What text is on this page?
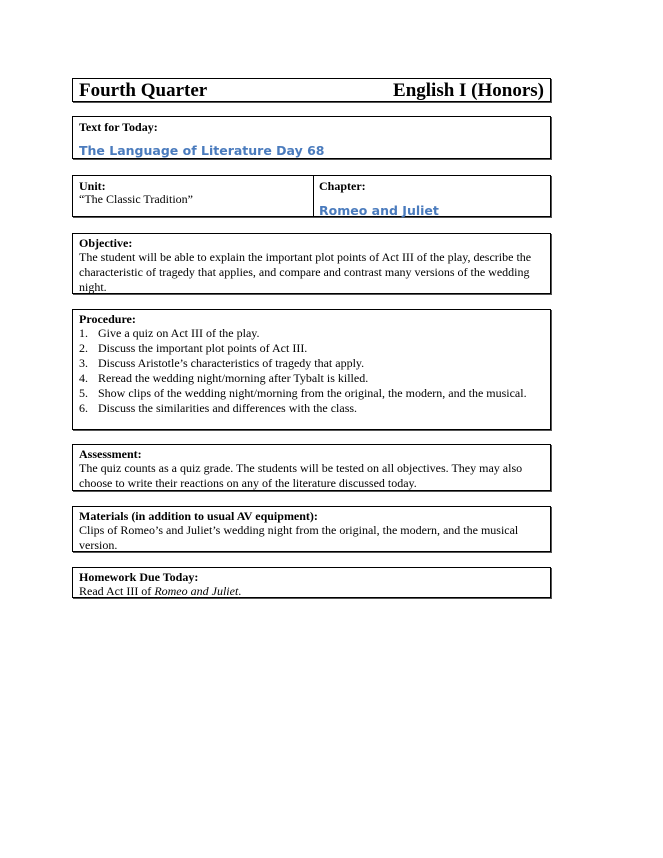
Fourth Quarter	English I (Honors)
Text for Today:
The Language of Literature Day 68
Unit:
“The Classic Tradition”
Chapter:
Romeo and Juliet
Objective:
The student will be able to explain the important plot points of Act III of the play, describe the characteristic of tragedy that applies, and compare and contrast many versions of the wedding night.
Procedure:
1. Give a quiz on Act III of the play.
2. Discuss the important plot points of Act III.
3. Discuss Aristotle’s characteristics of tragedy that apply.
4. Reread the wedding night/morning after Tybalt is killed.
5. Show clips of the wedding night/morning from the original, the modern, and the musical.
6. Discuss the similarities and differences with the class.
Assessment:
The quiz counts as a quiz grade. The students will be tested on all objectives. They may also choose to write their reactions on any of the literature discussed today.
Materials (in addition to usual AV equipment):
Clips of Romeo’s and Juliet’s wedding night from the original, the modern, and the musical version.
Homework Due Today:
Read Act III of Romeo and Juliet.
